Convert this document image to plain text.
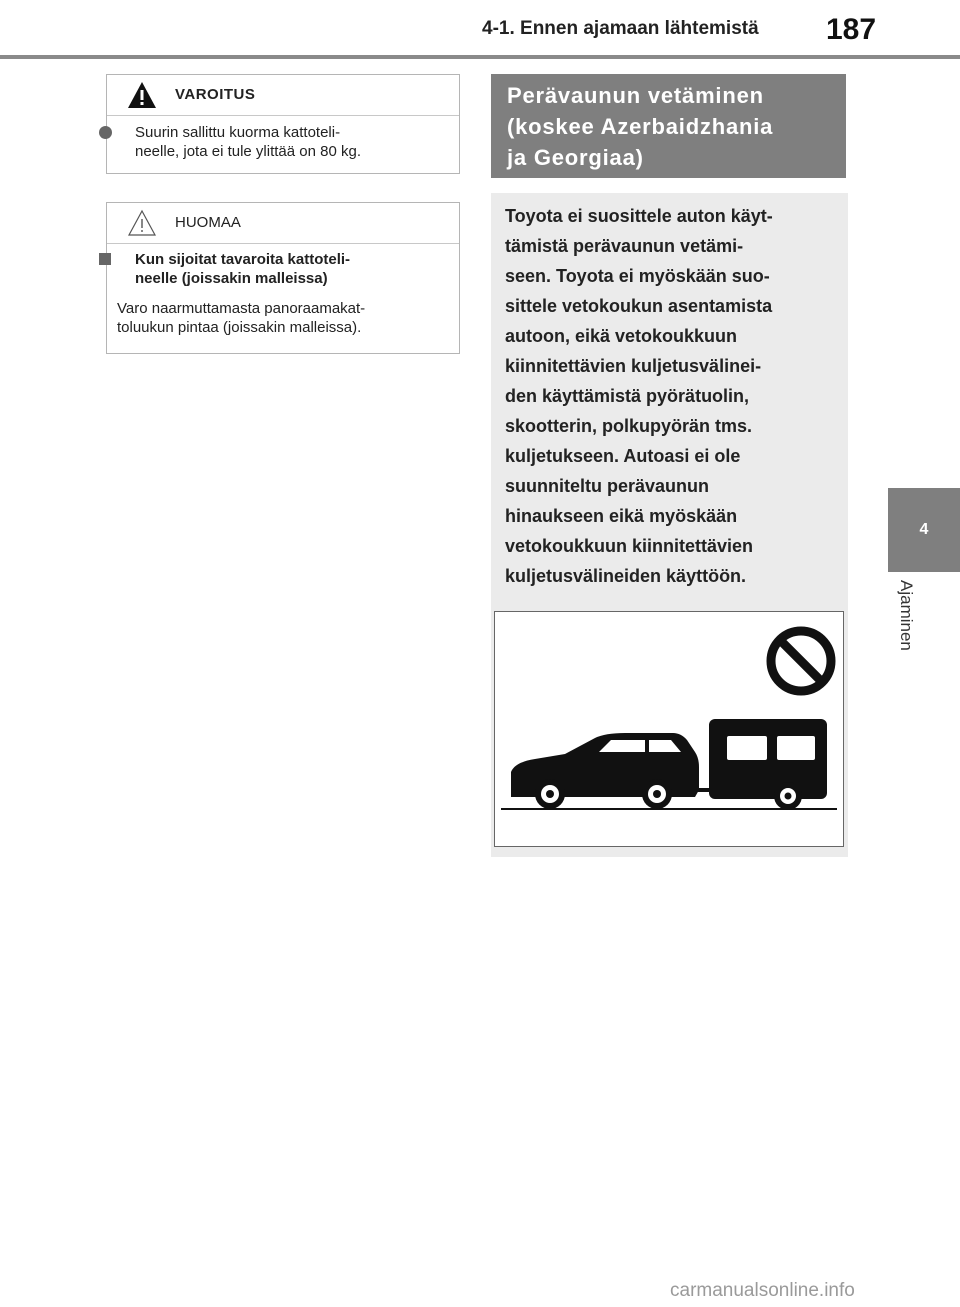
4-1. Ennen ajamaan lähtemistä 187
4
Ajaminen
VAROITUS
Suurin sallittu kuorma kattoteli-
neelle, jota ei tule ylittää on 80 kg.
HUOMAA
Kun sijoitat tavaroita kattoteli-
neelle (joissakin malleissa)
Varo naarmuttamasta panoraamakat-
toluukun pintaa (joissakin malleissa).
Perävaunun vetäminen
(koskee Azerbaidzhania
ja Georgiaa)
Toyota ei suosittele auton käyt-
tämistä perävaunun vetämi-
seen. Toyota ei myöskään suo-
sittele vetokoukun asentamista
autoon, eikä vetokoukkuun
kiinnitettävien kuljetusvälinei-
den käyttämistä pyörätuolin,
skootterin, polkupyörän tms.
kuljetukseen. Autoasi ei ole
suunniteltu perävaunun
hinaukseen eikä myöskään
vetokoukkuun kiinnitettävien
kuljetusvälineiden käyttöön.
carmanualsonline.info
